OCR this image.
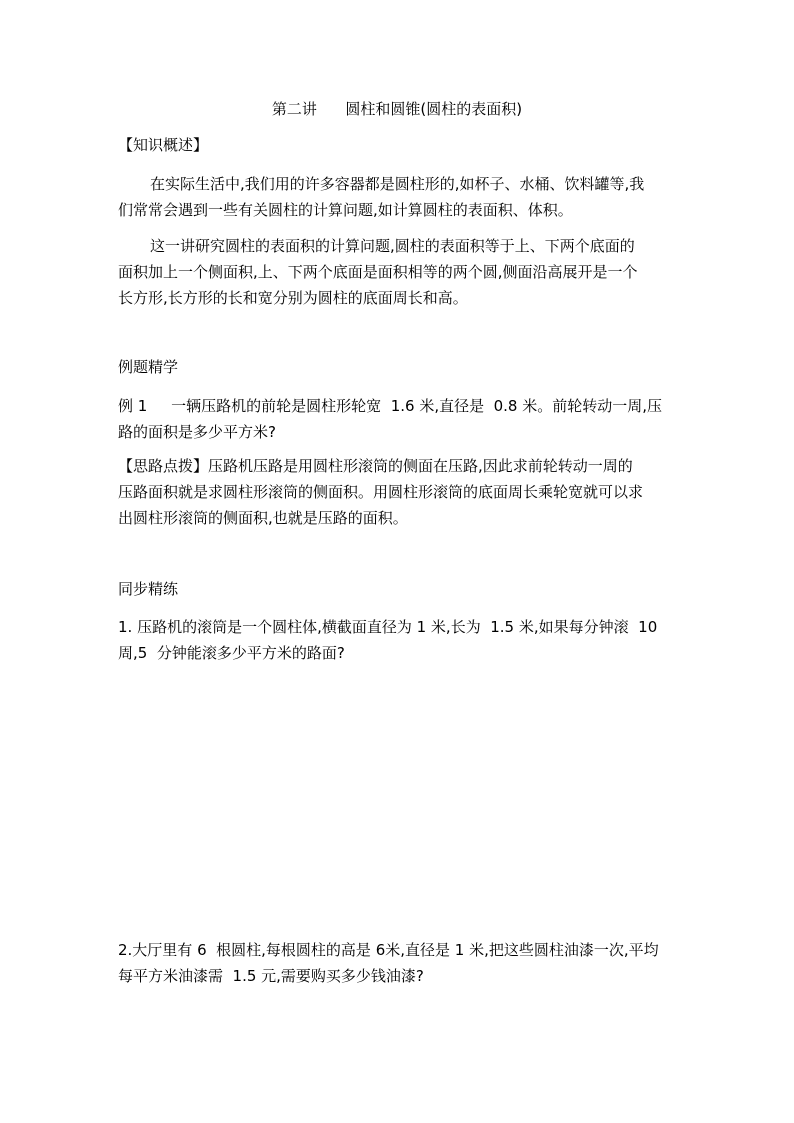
第二讲      圆柱和圆锥(圆柱的表面积)
【知识概述】
在实际生活中,我们用的许多容器都是圆柱形的,如杯子、水桶、饮料罐等,我
们常常会遇到一些有关圆柱的计算问题,如计算圆柱的表面积、体积。
这一讲研究圆柱的表面积的计算问题,圆柱的表面积等于上、下两个底面的
面积加上一个侧面积,上、下两个底面是面积相等的两个圆,侧面沿高展开是一个
长方形,长方形的长和宽分别为圆柱的底面周长和高。
例题精学
例 1     一辆压路机的前轮是圆柱形轮宽  1.6 米,直径是  0.8 米。前轮转动一周,压
路的面积是多少平方米?
【思路点拨】压路机压路是用圆柱形滚筒的侧面在压路,因此求前轮转动一周的
压路面积就是求圆柱形滚筒的侧面积。用圆柱形滚筒的底面周长乘轮宽就可以求
出圆柱形滚筒的侧面积,也就是压路的面积。
同步精练
1. 压路机的滚筒是一个圆柱体,横截面直径为 1 米,长为  1.5 米,如果每分钟滚  10
周,5  分钟能滚多少平方米的路面?
2.大厅里有 6  根圆柱,每根圆柱的高是 6米,直径是 1 米,把这些圆柱油漆一次,平均
每平方米油漆需  1.5 元,需要购买多少钱油漆?
